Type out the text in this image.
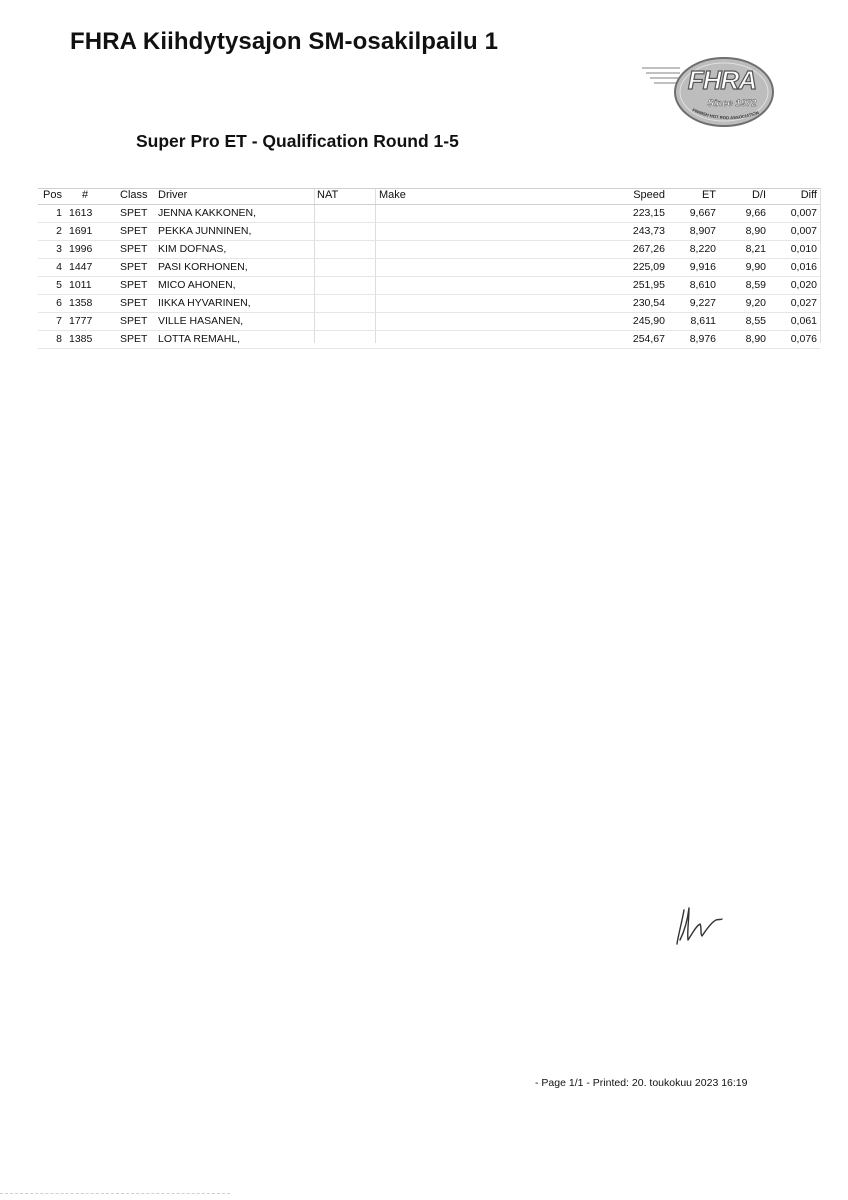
FHRA Kiihdytysajon SM-osakilpailu 1
FHRA
Since 1972
FINNISH HOT ROD ASSOCIATION
Super Pro ET - Qualification Round 1-5
Pos #	Class Driver	NAT	Make	Speed	ET	D/I	Diff
1 1613	SPET JENNA KAKKONEN,	223,15	9,667	9,66	0,007
2 1691	SPET PEKKA JUNNINEN,	243,73	8,907	8,90	0,007
3 1996	SPET KIM DOFNAS,	267,26	8,220	8,21	0,010
4 1447	SPET PASI KORHONEN,	225,09	9,916	9,90	0,016
5 1011	SPET MICO AHONEN,	251,95	8,610	8,59	0,020
6 1358	SPET IIKKA HYVARINEN,	230,54	9,227	9,20	0,027
7 1777	SPET VILLE HASANEN,	245,90	8,611	8,55	0,061
8 1385	SPET LOTTA REMAHL,	254,67	8,976	8,90	0,076
- Page 1/1 - Printed: 20. toukokuu 2023 16:19
